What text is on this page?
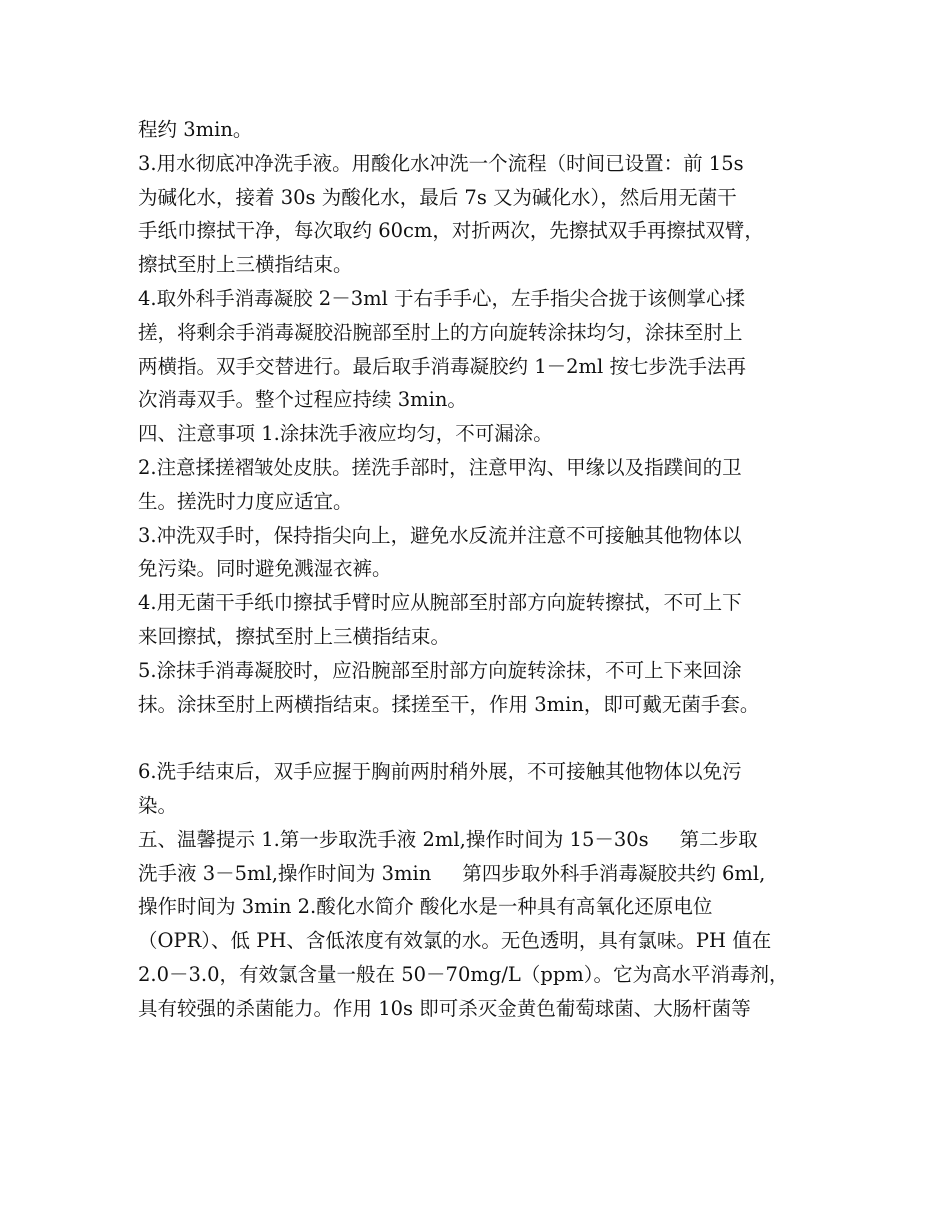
程约 3min。
3.用水彻底冲净洗手液。用酸化水冲洗一个流程（时间已设置：前 15s
为碱化水，接着 30s 为酸化水，最后 7s 又为碱化水），然后用无菌干
手纸巾擦拭干净，每次取约 60cm，对折两次，先擦拭双手再擦拭双臂，
擦拭至肘上三横指结束。
4.取外科手消毒凝胶 2－3ml 于右手手心，左手指尖合拢于该侧掌心揉
搓，将剩余手消毒凝胶沿腕部至肘上的方向旋转涂抹均匀，涂抹至肘上
两横指。双手交替进行。最后取手消毒凝胶约 1－2ml 按七步洗手法再
次消毒双手。整个过程应持续 3min。
四、注意事项 1.涂抹洗手液应均匀，不可漏涂。
2.注意揉搓褶皱处皮肤。搓洗手部时，注意甲沟、甲缘以及指蹼间的卫
生。搓洗时力度应适宜。
3.冲洗双手时，保持指尖向上，避免水反流并注意不可接触其他物体以
免污染。同时避免溅湿衣裤。
4.用无菌干手纸巾擦拭手臂时应从腕部至肘部方向旋转擦拭，不可上下
来回擦拭，擦拭至肘上三横指结束。
5.涂抹手消毒凝胶时，应沿腕部至肘部方向旋转涂抹，不可上下来回涂
抹。涂抹至肘上两横指结束。揉搓至干，作用 3min，即可戴无菌手套。
6.洗手结束后，双手应握于胸前两肘稍外展，不可接触其他物体以免污
染。
五、温馨提示 1.第一步取洗手液 2ml,操作时间为 15－30s     第二步取
洗手液 3－5ml,操作时间为 3min     第四步取外科手消毒凝胶共约 6ml,
操作时间为 3min 2.酸化水简介 酸化水是一种具有高氧化还原电位
（OPR）、低 PH、含低浓度有效氯的水。无色透明，具有氯味。PH 值在
2.0－3.0，有效氯含量一般在 50－70mg/L（ppm）。它为高水平消毒剂，
具有较强的杀菌能力。作用 10s 即可杀灭金黄色葡萄球菌、大肠杆菌等
